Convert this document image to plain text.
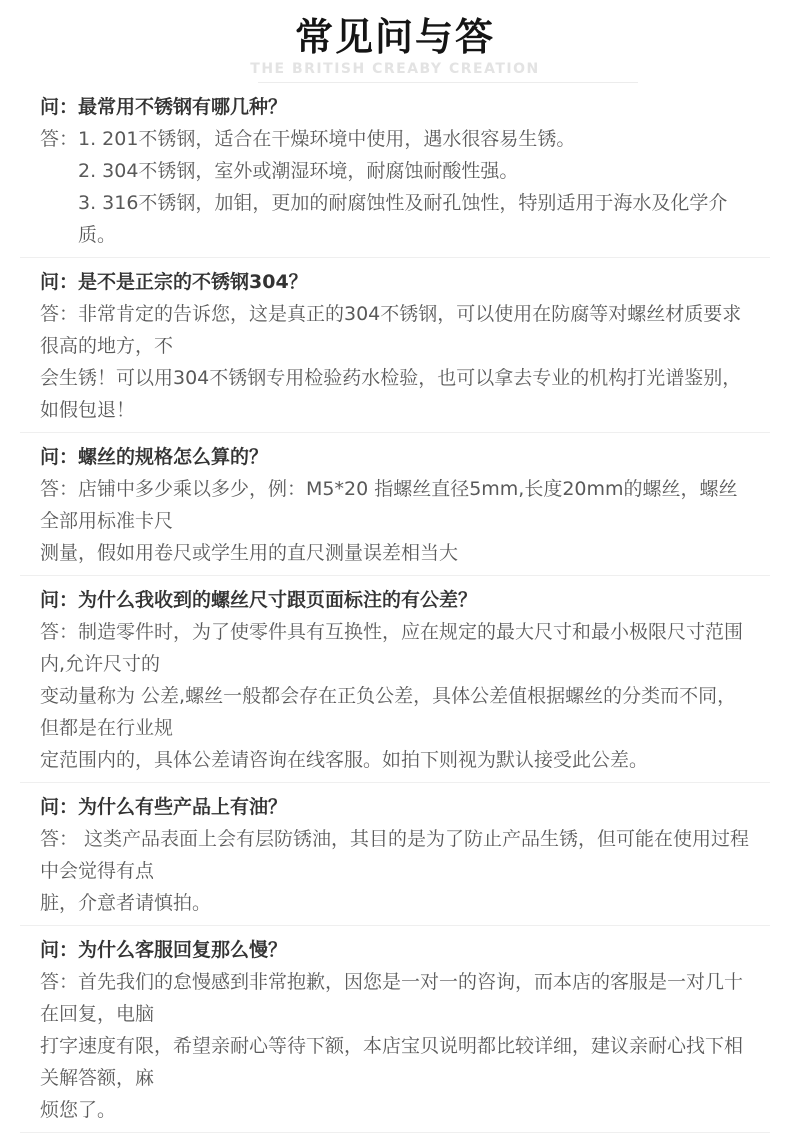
常见问与答
THE BRITISH CREABY CREATION
问：最常用不锈钢有哪几种？
答：1. 201不锈钢，适合在干燥环境中使用，遇水很容易生锈。
2. 304不锈钢，室外或潮湿环境，耐腐蚀耐酸性强。
3. 316不锈钢，加钼，更加的耐腐蚀性及耐孔蚀性，特别适用于海水及化学介质。
问：是不是正宗的不锈钢304？
答：非常肯定的告诉您，这是真正的304不锈钢，可以使用在防腐等对螺丝材质要求很高的地方，不
会生锈！可以用304不锈钢专用检验药水检验，也可以拿去专业的机构打光谱鉴别，如假包退！
问：螺丝的规格怎么算的？
答：店铺中多少乘以多少，例：M5*20 指螺丝直径5mm,长度20mm的螺丝，螺丝全部用标准卡尺
测量，假如用卷尺或学生用的直尺测量误差相当大
问：为什么我收到的螺丝尺寸跟页面标注的有公差？
答：制造零件时，为了使零件具有互换性，应在规定的最大尺寸和最小极限尺寸范围内,允许尺寸的
变动量称为 公差,螺丝一般都会存在正负公差，具体公差值根据螺丝的分类而不同，但都是在行业规
定范围内的，具体公差请咨询在线客服。如拍下则视为默认接受此公差。
问：为什么有些产品上有油？
答： 这类产品表面上会有层防锈油，其目的是为了防止产品生锈，但可能在使用过程中会觉得有点
脏，介意者请慎拍。
问：为什么客服回复那么慢？
答：首先我们的怠慢感到非常抱歉，因您是一对一的咨询，而本店的客服是一对几十在回复，电脑
打字速度有限，希望亲耐心等待下额，本店宝贝说明都比较详细，建议亲耐心找下相关解答额，麻
烦您了。
